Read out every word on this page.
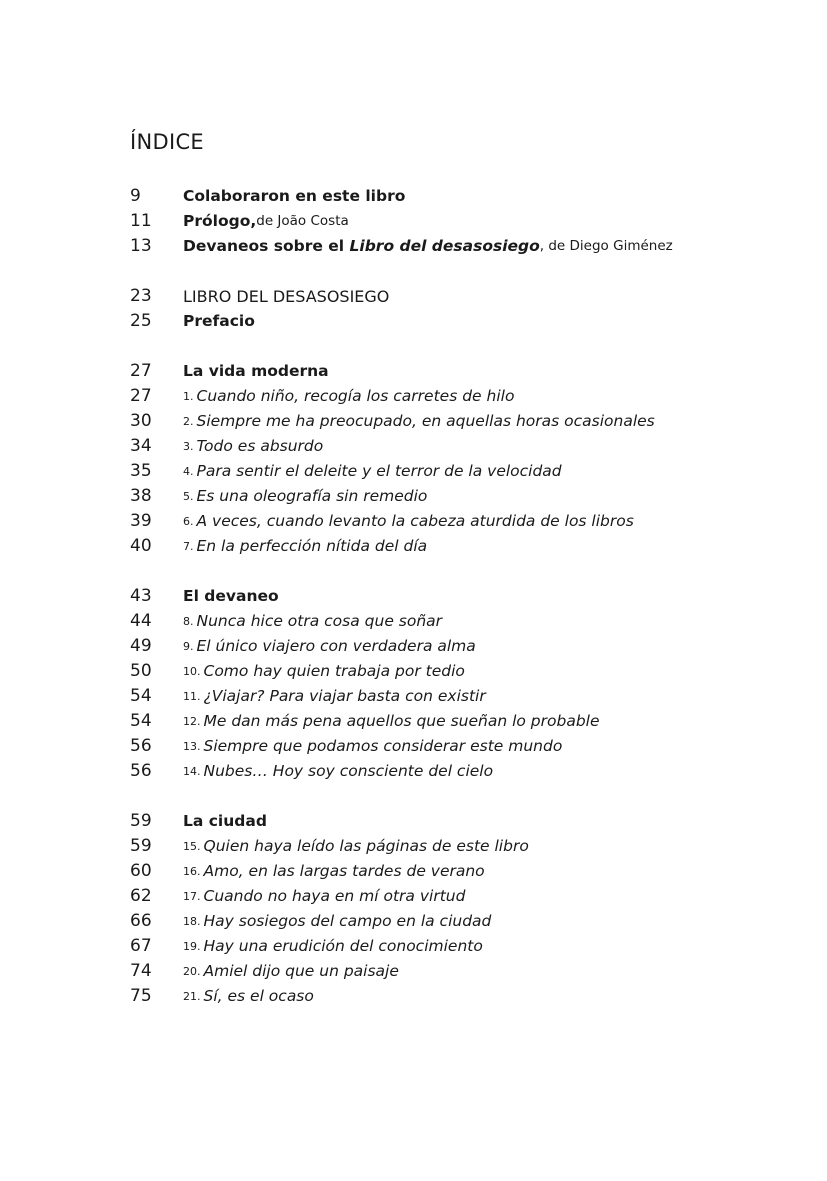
ÍNDICE
9	Colaboraron en este libro
11	Prólogo, de João Costa
13	Devaneos sobre el Libro del desasosiego , de Diego Giménez
23	LIBRO DEL DESASOSIEGO
25	Prefacio
27	La vida moderna
27	1. Cuando niño, recogía los carretes de hilo
30	2. Siempre me ha preocupado, en aquellas horas ocasionales
34	3. Todo es absurdo
35	4. Para sentir el deleite y el terror de la velocidad
38	5. Es una oleografía sin remedio
39	6. A veces, cuando levanto la cabeza aturdida de los libros
40	7. En la perfección nítida del día
43	El devaneo
44	8. Nunca hice otra cosa que soñar
49	9. El único viajero con verdadera alma
50	10. Como hay quien trabaja por tedio
54	11. ¿Viajar? Para viajar basta con existir
54	12. Me dan más pena aquellos que sueñan lo probable
56	13. Siempre que podamos considerar este mundo
56	14. Nubes… Hoy soy consciente del cielo
59	La ciudad
59	15. Quien haya leído las páginas de este libro
60	16. Amo, en las largas tardes de verano
62	17. Cuando no haya en mí otra virtud
66	18. Hay sosiegos del campo en la ciudad
67	19. Hay una erudición del conocimiento
74	20. Amiel dijo que un paisaje
75	21. Sí, es el ocaso
